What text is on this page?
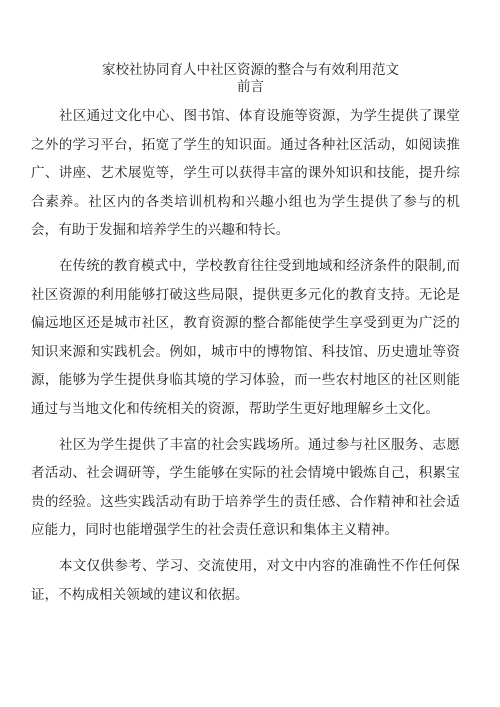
家校社协同育人中社区资源的整合与有效利用范文
前言

社区通过文化中心、图书馆、体育设施等资源，为学生提供了课堂之外的学习平台，拓宽了学生的知识面。通过各种社区活动，如阅读推广、讲座、艺术展览等，学生可以获得丰富的课外知识和技能，提升综合素养。社区内的各类培训机构和兴趣小组也为学生提供了参与的机会，有助于发掘和培养学生的兴趣和特长。

在传统的教育模式中，学校教育往往受到地域和经济条件的限制,而社区资源的利用能够打破这些局限，提供更多元化的教育支持。无论是偏远地区还是城市社区，教育资源的整合都能使学生享受到更为广泛的知识来源和实践机会。例如，城市中的博物馆、科技馆、历史遗址等资源，能够为学生提供身临其境的学习体验，而一些农村地区的社区则能通过与当地文化和传统相关的资源，帮助学生更好地理解乡土文化。

社区为学生提供了丰富的社会实践场所。通过参与社区服务、志愿者活动、社会调研等，学生能够在实际的社会情境中锻炼自己，积累宝贵的经验。这些实践活动有助于培养学生的责任感、合作精神和社会适应能力，同时也能增强学生的社会责任意识和集体主义精神。

本文仅供参考、学习、交流使用，对文中内容的准确性不作任何保证，不构成相关领域的建议和依据。
